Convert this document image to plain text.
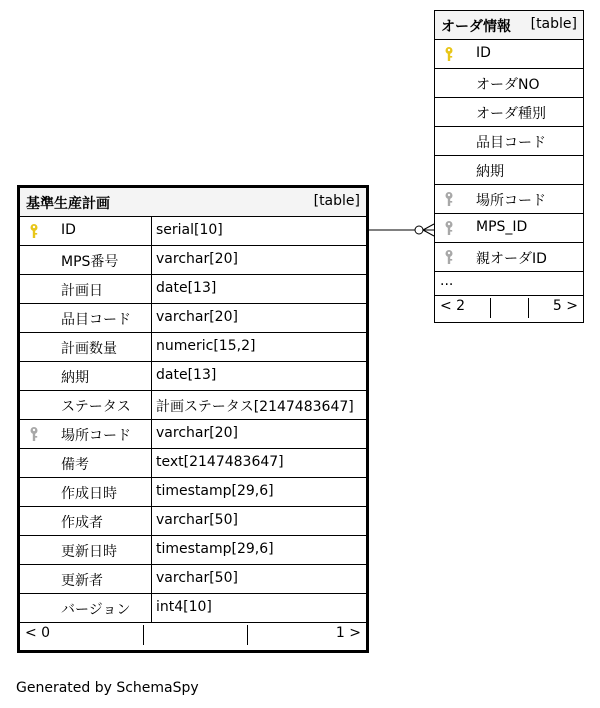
基準生産計画	[table]
ID	serial[10]
MPS番号	varchar[20]
計画日	date[13]
品目コード varchar[20]
計画数量	numeric[15,2]
納期	date[13]
ステータス 計画ステータス[2147483647]
場所コード varchar[20]
備考	text[2147483647]
作成日時	timestamp[29,6]
作成者	varchar[50]
更新日時	timestamp[29,6]
更新者	varchar[50]
バージョン int4[10]
< 0	1 >
オーダ情報 [table]
ID
オーダNO
オーダ種別
品目コード
納期
場所コード
MPS_ID
親オーダID
...
< 2	5 >
Generated by SchemaSpy
